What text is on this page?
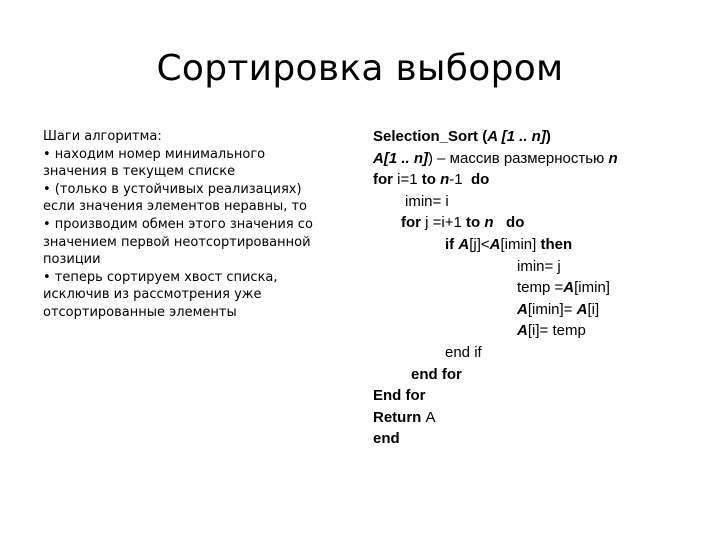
Сортировка выбором
Шаги алгоритма:
• находим номер минимального
значения в текущем списке
• (только в устойчивых реализациях)
если значения элементов неравны, то
• производим обмен этого значения со
значением первой неотсортированной
позиции
• теперь сортируем хвост списка,
исключив из рассмотрения уже
отсортированные элементы
Selection_Sort (A [1 .. n])
A[1 .. n]) – массив размерностью n
for i=1 to n-1  do
imin= i
for j =i+1 to n   do
if A[j]<A[imin] then
imin= j
temp =A[imin]
A[imin]= A[i]
A[i]= temp
end if
end for
End for
Return A
end
